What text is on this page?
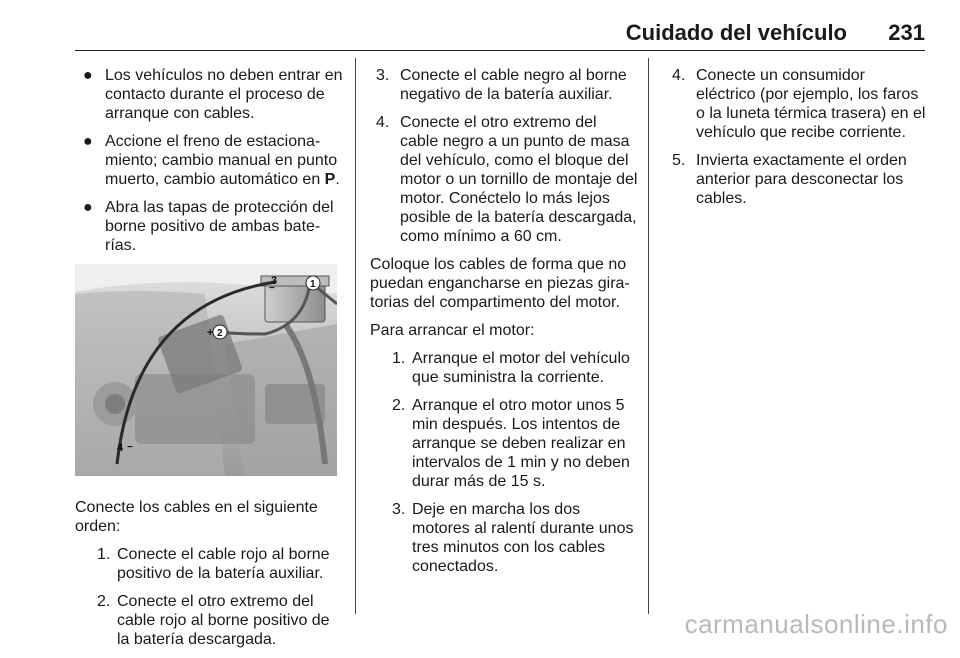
Cuidado del vehículo 231
● Los vehículos no deben entrar en contacto durante el proceso de arranque con cables.
● Accione el freno de estacionamiento; cambio manual en punto muerto, cambio automático en P.
● Abra las tapas de protección del borne positivo de ambas baterías.
3
−	1
+ 2
4 −
Conecte los cables en el siguiente orden:
1. Conecte el cable rojo al borne positivo de la batería auxiliar.
2. Conecte el otro extremo del cable rojo al borne positivo de la batería descargada.
3. Conecte el cable negro al borne negativo de la batería auxiliar.
4. Conecte el otro extremo del cable negro a un punto de masa del vehículo, como el bloque del motor o un tornillo de montaje del motor. Conéctelo lo más lejos posible de la batería descargada, como mínimo a 60 cm.
Coloque los cables de forma que no puedan engancharse en piezas giratorias del compartimento del motor.
Para arrancar el motor:
1. Arranque el motor del vehículo que suministra la corriente.
2. Arranque el otro motor unos 5 min después. Los intentos de arranque se deben realizar en intervalos de 1 min y no deben durar más de 15 s.
3. Deje en marcha los dos motores al ralentí durante unos tres minutos con los cables conectados.
4. Conecte un consumidor eléctrico (por ejemplo, los faros o la luneta térmica trasera) en el vehículo que recibe corriente.
5. Invierta exactamente el orden anterior para desconectar los cables.
carmanualsonline.info
